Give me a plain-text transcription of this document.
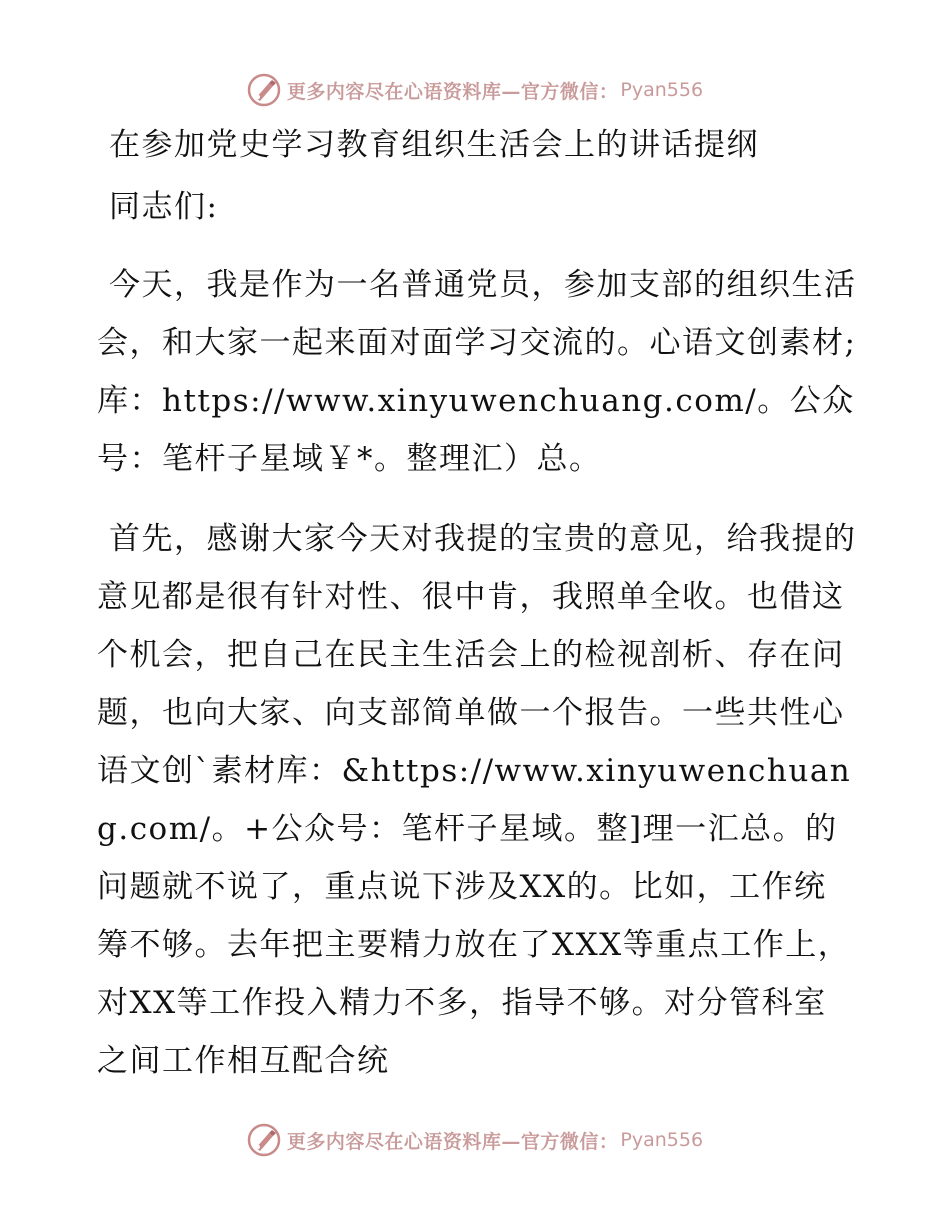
更多内容尽在心语资料库—官方微信： Pyan556
在参加党史学习教育组织生活会上的讲话提纲
同志们:

今天，我是作为一名普通党员，参加支部的组织生活会，和大家一起来面对面学习交流的。心语文创素材;库：https://www.xinyuwenchuang.com/。公众号：笔杆子星域￥*。整理汇）总。

首先，感谢大家今天对我提的宝贵的意见，给我提的意见都是很有针对性、很中肯，我照单全收。也借这个机会，把自己在民主生活会上的检视剖析、存在问题，也向大家、向支部简单做一个报告。一些共性心语文创`素材库：&https://www.xinyuwenchuang.com/。+公众号：笔杆子星域。整]理一汇总。的问题就不说了，重点说下涉及XX的。比如，工作统筹不够。去年把主要精力放在了XXX等重点工作上，对XX等工作投入精力不多，指导不够。对分管科室之间工作相互配合统

更多内容尽在心语资料库—官方微信： Pyan556
